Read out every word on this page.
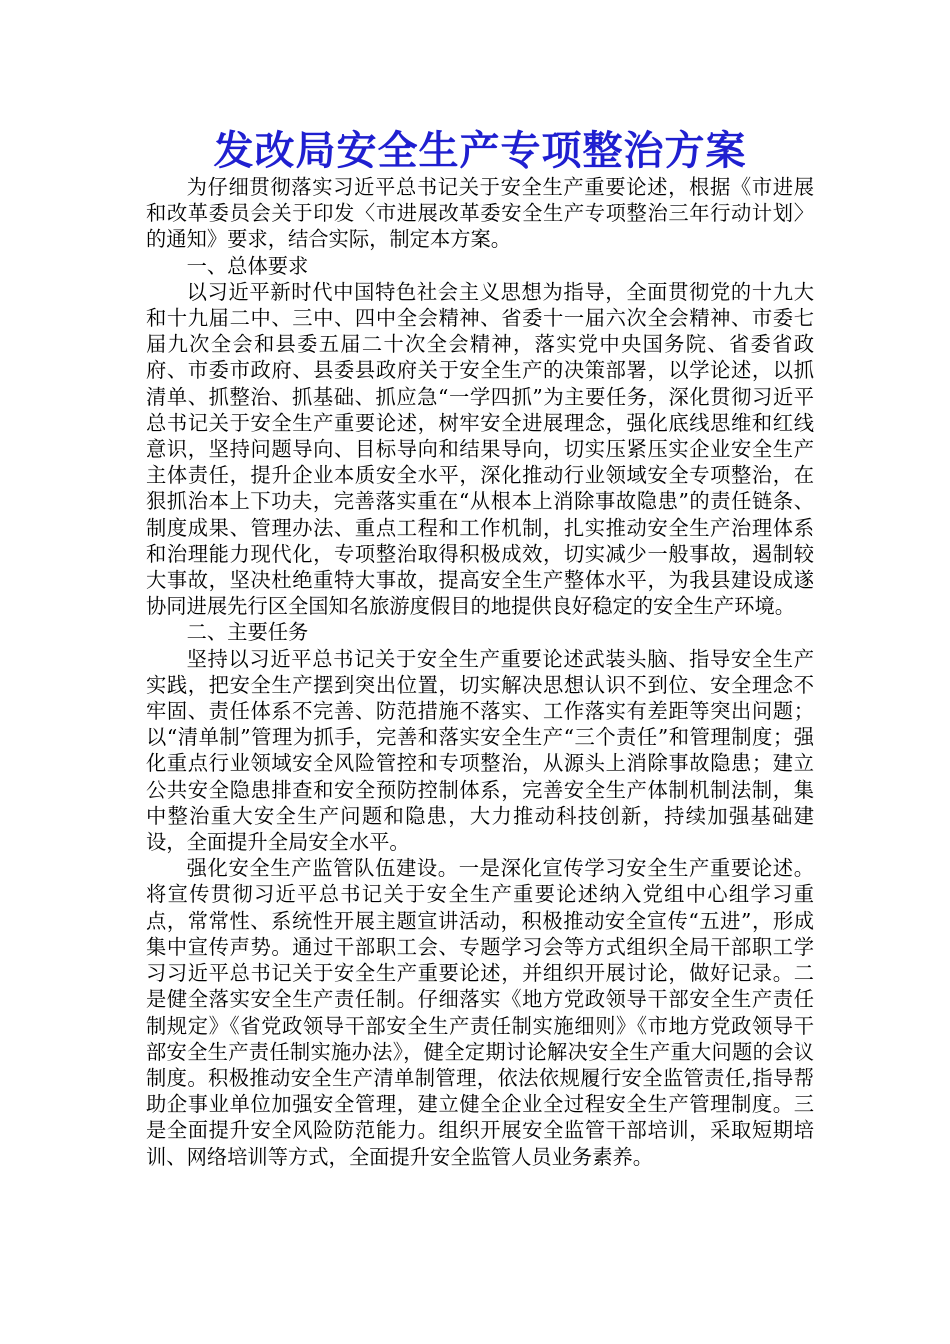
发改局安全生产专项整治方案

为仔细贯彻落实习近平总书记关于安全生产重要论述，根据《市进展和改革委员会关于印发〈市进展改革委安全生产专项整治三年行动计划〉的通知》要求，结合实际，制定本方案。

一、总体要求

以习近平新时代中国特色社会主义思想为指导，全面贯彻党的十九大和十九届二中、三中、四中全会精神、省委十一届六次全会精神、市委七届九次全会和县委五届二十次全会精神，落实党中央国务院、省委省政府、市委市政府、县委县政府关于安全生产的决策部署，以学论述，以抓清单、抓整治、抓基础、抓应急“一学四抓”为主要任务，深化贯彻习近平总书记关于安全生产重要论述，树牢安全进展理念，强化底线思维和红线意识，坚持问题导向、目标导向和结果导向，切实压紧压实企业安全生产主体责任，提升企业本质安全水平，深化推动行业领域安全专项整治，在狠抓治本上下功夫，完善落实重在“从根本上消除事故隐患”的责任链条、制度成果、管理办法、重点工程和工作机制，扎实推动安全生产治理体系和治理能力现代化，专项整治取得积极成效，切实减少一般事故，遏制较大事故，坚决杜绝重特大事故，提高安全生产整体水平，为我县建设成遂协同进展先行区全国知名旅游度假目的地提供良好稳定的安全生产环境。

二、主要任务

坚持以习近平总书记关于安全生产重要论述武装头脑、指导安全生产实践，把安全生产摆到突出位置，切实解决思想认识不到位、安全理念不牢固、责任体系不完善、防范措施不落实、工作落实有差距等突出问题；以“清单制”管理为抓手，完善和落实安全生产“三个责任”和管理制度；强化重点行业领域安全风险管控和专项整治，从源头上消除事故隐患；建立公共安全隐患排查和安全预防控制体系，完善安全生产体制机制法制，集中整治重大安全生产问题和隐患，大力推动科技创新，持续加强基础建设，全面提升全局安全水平。

强化安全生产监管队伍建设。一是深化宣传学习安全生产重要论述。将宣传贯彻习近平总书记关于安全生产重要论述纳入党组中心组学习重点，常常性、系统性开展主题宣讲活动，积极推动安全宣传“五进”，形成集中宣传声势。通过干部职工会、专题学习会等方式组织全局干部职工学习习近平总书记关于安全生产重要论述，并组织开展讨论，做好记录。二是健全落实安全生产责任制。仔细落实《地方党政领导干部安全生产责任制规定》《省党政领导干部安全生产责任制实施细则》《市地方党政领导干部安全生产责任制实施办法》，健全定期讨论解决安全生产重大问题的会议制度。积极推动安全生产清单制管理，依法依规履行安全监管责任,指导帮助企事业单位加强安全管理，建立健全企业全过程安全生产管理制度。三是全面提升安全风险防范能力。组织开展安全监管干部培训，采取短期培训、网络培训等方式，全面提升安全监管人员业务素养。
